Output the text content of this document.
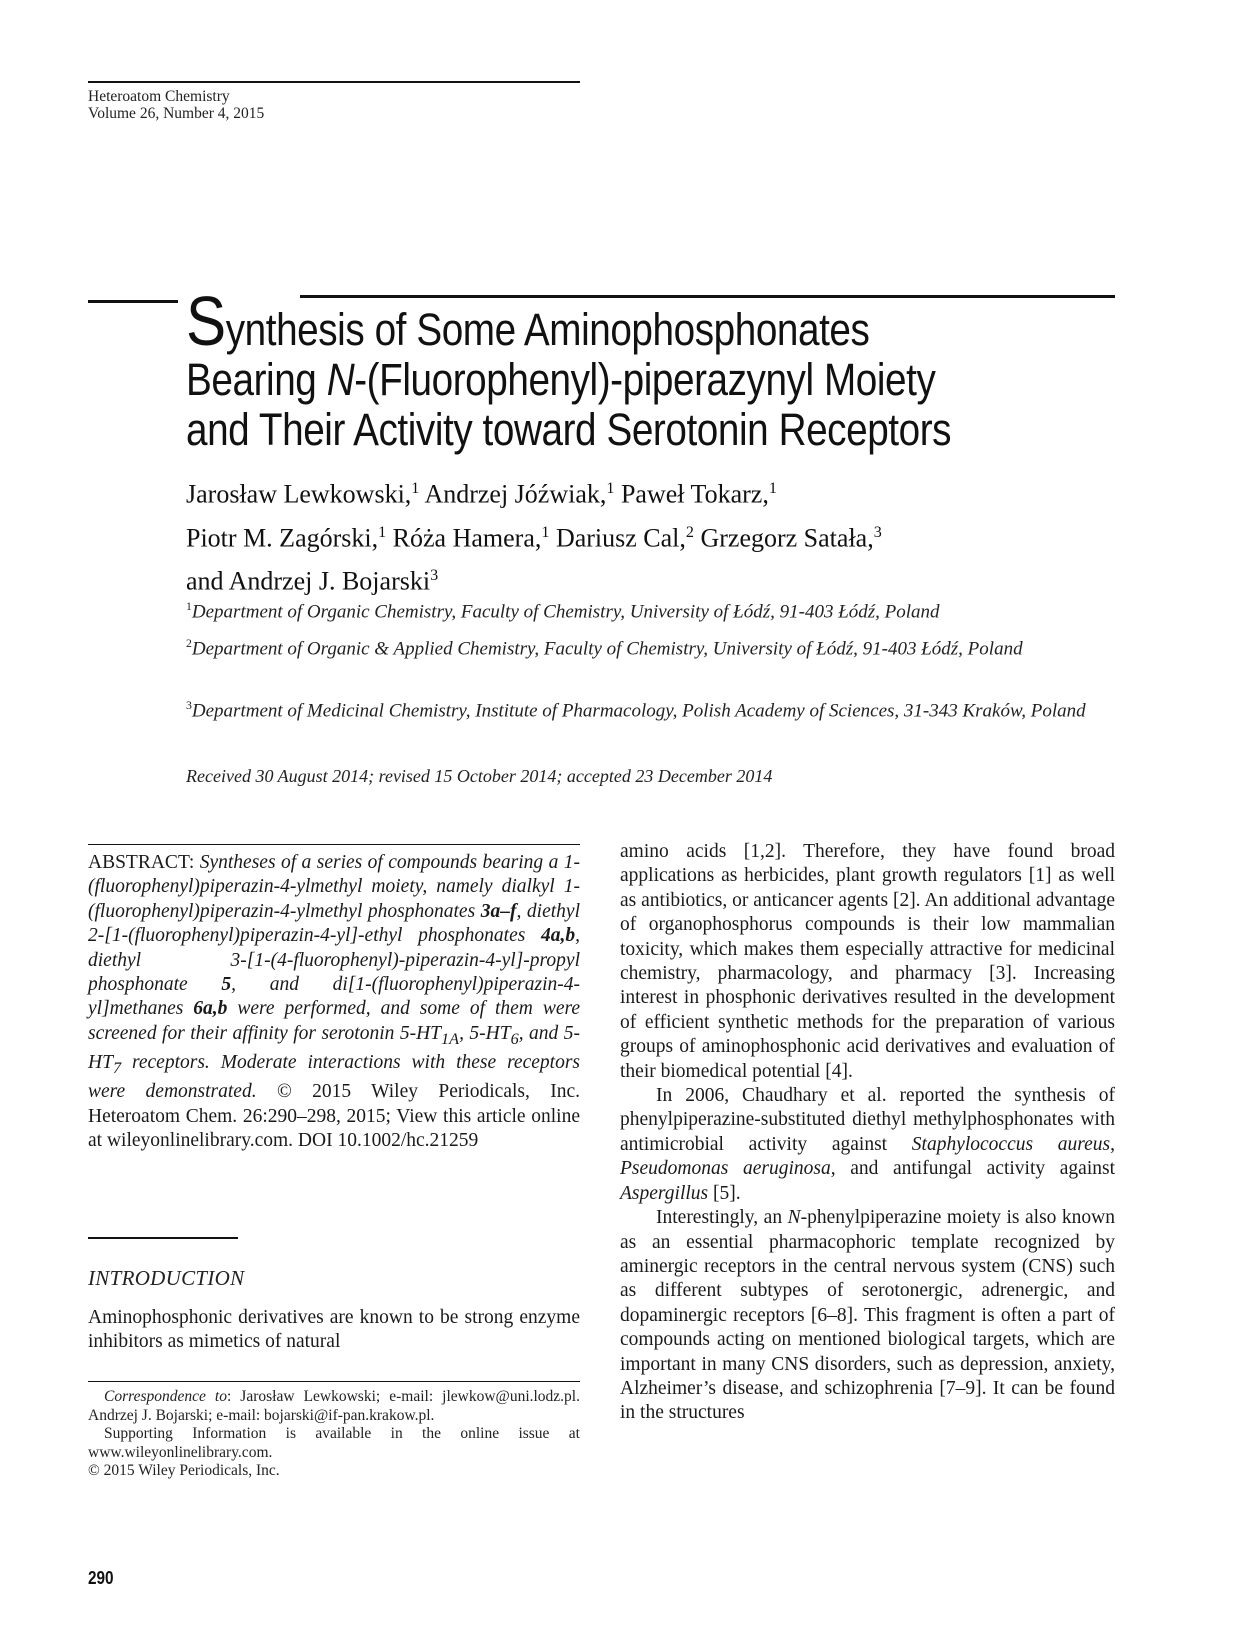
Heteroatom Chemistry
Volume 26, Number 4, 2015
Synthesis of Some Aminophosphonates
Bearing N-(Fluorophenyl)-piperazynyl Moiety
and Their Activity toward Serotonin Receptors
Jarosław Lewkowski,$^1$ Andrzej Jóźwiak,$^1$ Paweł Tokarz,$^1$
Piotr M. Zagórski,$^1$ Róża Hamera,$^1$ Dariusz Cal,$^2$ Grzegorz Satała,$^3$
and Andrzej J. Bojarski$^3$
$^1$Department of Organic Chemistry, Faculty of Chemistry, University of Łódź, 91-403 Łódź, Poland
$^2$Department of Organic & Applied Chemistry, Faculty of Chemistry, University of Łódź, 91-403 Łódź, Poland
$^3$Department of Medicinal Chemistry, Institute of Pharmacology, Polish Academy of Sciences, 31-343 Kraków, Poland
Received 30 August 2014; revised 15 October 2014; accepted 23 December 2014
ABSTRACT: Syntheses of a series of compounds bearing a 1-(fluorophenyl)piperazin-4-ylmethyl moiety, namely dialkyl 1-(fluorophenyl)piperazin-4-ylmethyl phosphonates 3a–f, diethyl 2-[1-(fluorophenyl)piperazin-4-yl]-ethyl phosphonates 4a,b, diethyl 3-[1-(4-fluorophenyl)-piperazin-4-yl]-propyl phosphonate 5, and di[1-(fluorophenyl)piperazin-4-yl]methanes 6a,b were performed, and some of them were screened for their affinity for serotonin $5-HT_{1A}$, $5-HT_6$, and $5-HT_7$ receptors. Moderate interactions with these receptors were demonstrated. © 2015 Wiley Periodicals, Inc. Heteroatom Chem. 26:290–298, 2015; View this article online at wileyonlinelibrary.com. DOI 10.1002/hc.21259
INTRODUCTION
Aminophosphonic derivatives are known to be strong enzyme inhibitors as mimetics of natural

Correspondence to: Jarosław Lewkowski; e-mail: jlewkow@uni.lodz.pl. Andrzej J. Bojarski; e-mail: bojarski@if-pan.krakow.pl.

Supporting Information is available in the online issue at www.wileyonlinelibrary.com.

© 2015 Wiley Periodicals, Inc.

amino acids [1,2]. Therefore, they have found broad applications as herbicides, plant growth regulators [1] as well as antibiotics, or anticancer agents [2]. An additional advantage of organophosphorus compounds is their low mammalian toxicity, which makes them especially attractive for medicinal chemistry, pharmacology, and pharmacy [3]. Increasing interest in phosphonic derivatives resulted in the development of efficient synthetic methods for the preparation of various groups of aminophosphonic acid derivatives and evaluation of their biomedical potential [4].

In 2006, Chaudhary et al. reported the synthesis of phenylpiperazine-substituted diethyl methylphosphonates with antimicrobial activity against Staphylococcus aureus, Pseudomonas aeruginosa, and antifungal activity against Aspergillus [5].

Interestingly, an N-phenylpiperazine moiety is also known as an essential pharmacophoric template recognized by aminergic receptors in the central nervous system (CNS) such as different subtypes of serotonergic, adrenergic, and dopaminergic receptors [6–8]. This fragment is often a part of compounds acting on mentioned biological targets, which are important in many CNS disorders, such as depression, anxiety, Alzheimer’s disease, and schizophrenia [7–9]. It can be found in the structures

290
